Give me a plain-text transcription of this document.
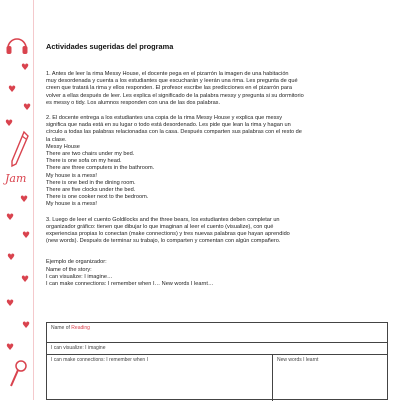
♥
♥
♥
♥
Jam
♥
♥
♥
♥
♥
♥
♥
♥
Actividades sugeridas del programa
1. Antes de leer la rima Messy House, el docente pega en el pizarrón la imagen de una habitación
muy desordenada y cuenta a los estudiantes que escucharán y leerán una rima. Les pregunta de qué
creen que tratará la rima y ellos responden. El profesor escribe las predicciones en el pizarrón para
volver a ellas después de leer. Les explica el significado de la palabra messy y pregunta si su dormitorio
es messy o tidy. Los alumnos responden con una de las dos palabras.
2. El docente entrega a los estudiantes una copia de la rima Messy House y explica que messy
significa que nada está en su lugar o todo está desordenado. Les pide que lean la rima y hagan un
círculo a todas las palabras relacionadas con la casa. Después comparten sus palabras con el resto de
la clase.
Messy House
There are two chairs under my bed.
There is one sofa on my head.
There are three computers in the bathroom.
My house is a mess!
There is one bed in the dining room.
There are five clocks under the bed.
There is one cooker next to the bedroom.
My house is a mess!
3. Luego de leer el cuento Goldilocks and the three bears, los estudiantes deben completar un
organizador gráfico: tienen que dibujar lo que imaginan al leer el cuento (visualize), con qué
experiencias propias lo conectan (make connections) y tres nuevas palabras que hayan aprendido
(new words). Después de terminar su trabajo, lo comparten y comentan con algún compañero.
Ejemplo de organizador:
Name of the story:
I can visualize: I imagine…
I can make connections: I remember when I… New words I learnt…
Name of Reading
I can visualize: I imagine
I can make connections: I remember when I	New words I learnt
